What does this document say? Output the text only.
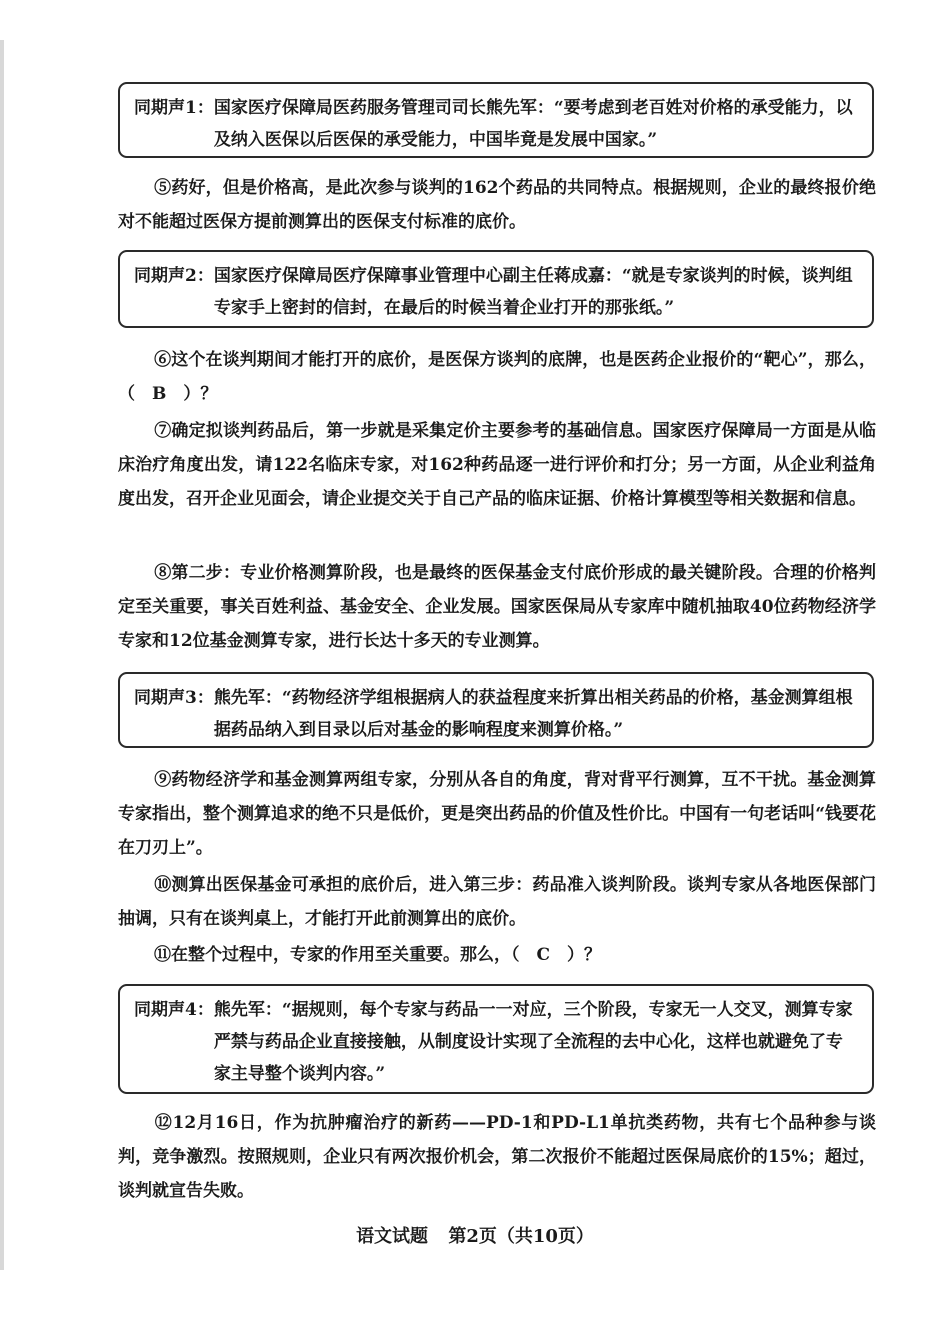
同期声1： 国家医疗保障局医药服务管理司司长熊先军：“要考虑到老百姓对价格的承受能力，以及纳入医保以后医保的承受能力，中国毕竟是发展中国家。”
⑤药好，但是价格高，是此次参与谈判的162个药品的共同特点。根据规则，企业的最终报价绝对不能超过医保方提前测算出的医保支付标准的底价。
同期声2： 国家医疗保障局医疗保障事业管理中心副主任蒋成嘉：“就是专家谈判的时候，谈判组专家手上密封的信封，在最后的时候当着企业打开的那张纸。”
⑥这个在谈判期间才能打开的底价，是医保方谈判的底牌，也是医药企业报价的“靶心”，那么，（　B　）？
⑦确定拟谈判药品后，第一步就是采集定价主要参考的基础信息。国家医疗保障局一方面是从临床治疗角度出发，请122名临床专家，对162种药品逐一进行评价和打分；另一方面，从企业利益角度出发，召开企业见面会，请企业提交关于自己产品的临床证据、价格计算模型等相关数据和信息。
⑧第二步：专业价格测算阶段，也是最终的医保基金支付底价形成的最关键阶段。合理的价格判定至关重要，事关百姓利益、基金安全、企业发展。国家医保局从专家库中随机抽取40位药物经济学专家和12位基金测算专家，进行长达十多天的专业测算。
同期声3： 熊先军：“药物经济学组根据病人的获益程度来折算出相关药品的价格，基金测算组根据药品纳入到目录以后对基金的影响程度来测算价格。”
⑨药物经济学和基金测算两组专家，分别从各自的角度，背对背平行测算，互不干扰。基金测算专家指出，整个测算追求的绝不只是低价，更是突出药品的价值及性价比。中国有一句老话叫“钱要花在刀刃上”。
⑩测算出医保基金可承担的底价后，进入第三步：药品准入谈判阶段。谈判专家从各地医保部门抽调，只有在谈判桌上，才能打开此前测算出的底价。
⑪在整个过程中，专家的作用至关重要。那么，（　C　）？
同期声4： 熊先军：“据规则，每个专家与药品一一对应，三个阶段，专家无一人交叉，测算专家严禁与药品企业直接接触，从制度设计实现了全流程的去中心化，这样也就避免了专家主导整个谈判内容。”
⑫12月16日，作为抗肿瘤治疗的新药——PD-1和PD-L1单抗类药物，共有七个品种参与谈判，竞争激烈。按照规则，企业只有两次报价机会，第二次报价不能超过医保局底价的15%；超过，谈判就宣告失败。
语文试题 第2页（共10页）
